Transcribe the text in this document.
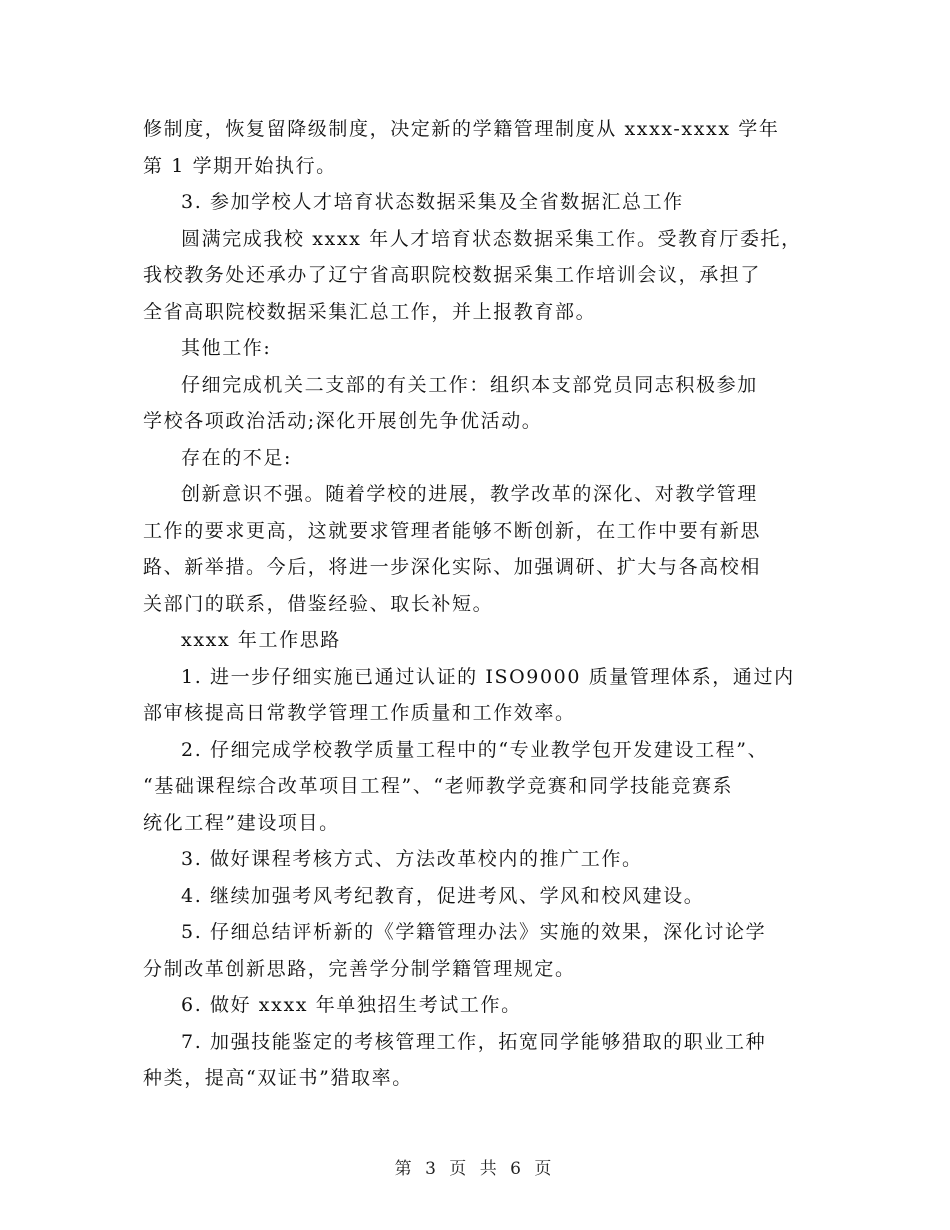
修制度，恢复留降级制度，决定新的学籍管理制度从 xxxx-xxxx 学年
第 1 学期开始执行。
3. 参加学校人才培育状态数据采集及全省数据汇总工作
圆满完成我校 xxxx 年人才培育状态数据采集工作。受教育厅委托，
我校教务处还承办了辽宁省高职院校数据采集工作培训会议，承担了
全省高职院校数据采集汇总工作，并上报教育部。
其他工作:
仔细完成机关二支部的有关工作：组织本支部党员同志积极参加
学校各项政治活动;深化开展创先争优活动。
存在的不足:
创新意识不强。随着学校的进展，教学改革的深化、对教学管理
工作的要求更高，这就要求管理者能够不断创新，在工作中要有新思
路、新举措。今后，将进一步深化实际、加强调研、扩大与各高校相
关部门的联系，借鉴经验、取长补短。
xxxx 年工作思路
1. 进一步仔细实施已通过认证的 ISO9000 质量管理体系，通过内
部审核提高日常教学管理工作质量和工作效率。
2. 仔细完成学校教学质量工程中的“专业教学包开发建设工程”、
“基础课程综合改革项目工程”、“老师教学竞赛和同学技能竞赛系
统化工程”建设项目。
3. 做好课程考核方式、方法改革校内的推广工作。
4. 继续加强考风考纪教育，促进考风、学风和校风建设。
5. 仔细总结评析新的《学籍管理办法》实施的效果，深化讨论学
分制改革创新思路，完善学分制学籍管理规定。
6. 做好 xxxx 年单独招生考试工作。
7. 加强技能鉴定的考核管理工作，拓宽同学能够猎取的职业工种
种类，提高“双证书”猎取率。
第 3 页 共 6 页
